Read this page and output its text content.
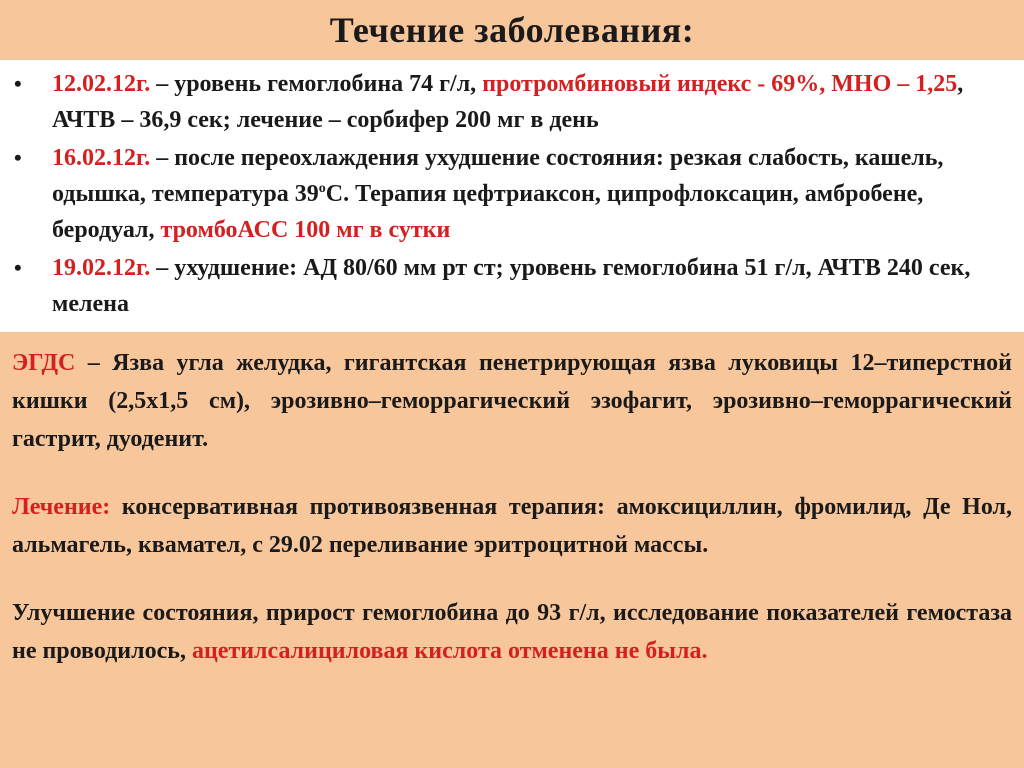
Течение заболевания:
• 12.02.12г. – уровень гемоглобина 74 г/л, протромбиновый индекс - 69%, МНО – 1,25, АЧТВ – 36,9 сек; лечение – сорбифер 200 мг в день
• 16.02.12г. – после переохлаждения ухудшение состояния: резкая слабость, кашель, одышка, температура $39^оС$. Терапия цефтриаксон, ципрофлоксацин, амбробене, беродуал, тромбоАСС 100 мг в сутки
• 19.02.12г. – ухудшение: АД 80/60 мм рт ст; уровень гемоглобина 51 г/л, АЧТВ 240 сек, мелена

ЭГДС – Язва угла желудка, гигантская пенетрирующая язва луковицы 12–типерстной кишки (2,5х1,5 см), эрозивно–геморрагический эзофагит, эрозивно–геморрагический гастрит, дуоденит.

Лечение: консервативная противоязвенная терапия: амоксициллин, фромилид, Де Нол, альмагель, квамател, с 29.02 переливание эритроцитной массы.

Улучшение состояния, прирост гемоглобина до 93 г/л, исследование показателей гемостаза не проводилось, ацетилсалициловая кислота отменена не была.
